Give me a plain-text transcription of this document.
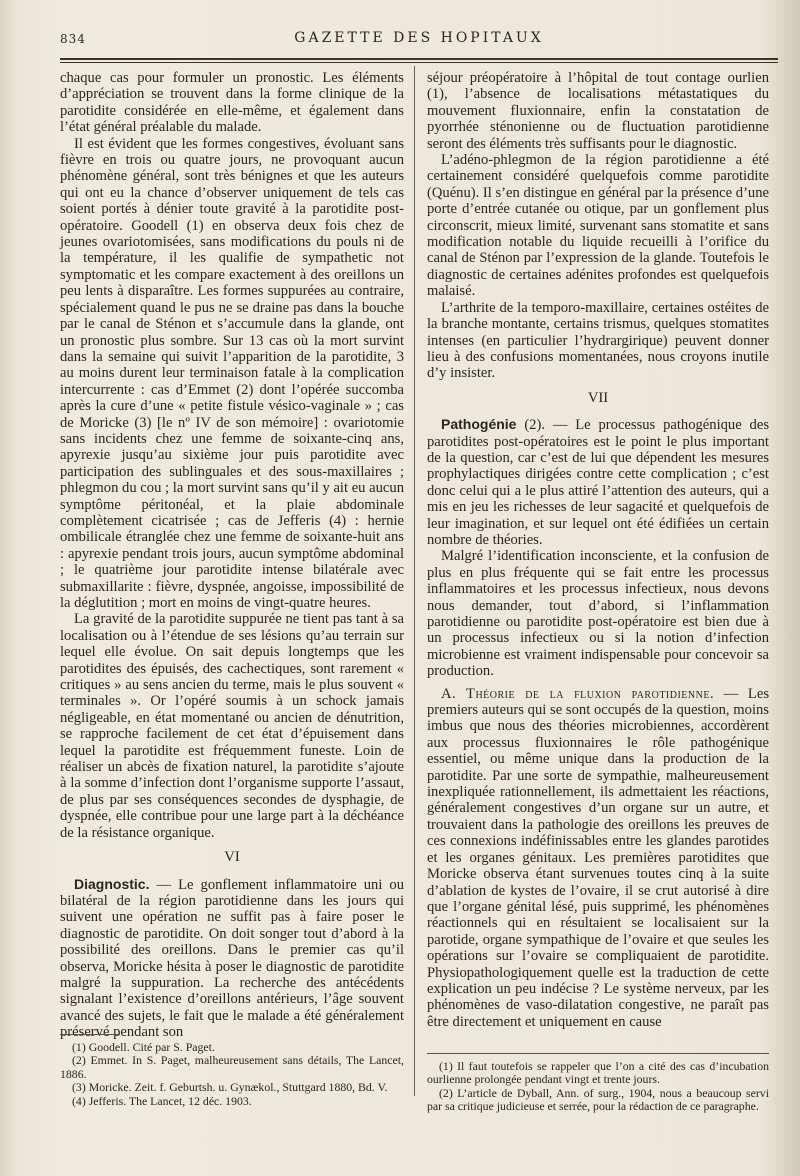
834	GAZETTE DES HOPITAUX

chaque cas pour formuler un pronostic. Les éléments d’appréciation se trouvent dans la forme clinique de la parotidite considérée en elle-même, et également dans l’état général préalable du malade.

Il est évident que les formes congestives, évoluant sans fièvre en trois ou quatre jours, ne provoquant aucun phénomène général, sont très bénignes et que les auteurs qui ont eu la chance d’observer uniquement de tels cas soient portés à dénier toute gravité à la parotidite post-opératoire. Goodell (1) en observa deux fois chez de jeunes ovariotomisées, sans modifications du pouls ni de la température, il les qualifie de sympathetic not symptomatic et les compare exactement à des oreillons un peu lents à disparaître. Les formes suppurées au contraire, spécialement quand le pus ne se draine pas dans la bouche par le canal de Sténon et s’accumule dans la glande, ont un pronostic plus sombre. Sur 13 cas où la mort survint dans la semaine qui suivit l’apparition de la parotidite, 3 au moins durent leur terminaison fatale à la complication intercurrente : cas d’Emmet (2) dont l’opérée succomba après la cure d’une « petite fistule vésico-vaginale » ; cas de Moricke (3) [le nº IV de son mémoire] : ovariotomie sans incidents chez une femme de soixante-cinq ans, apyrexie jusqu’au sixième jour puis parotidite avec participation des sublinguales et des sous-maxillaires ; phlegmon du cou ; la mort survint sans qu’il y ait eu aucun symptôme péritonéal, et la plaie abdominale complètement cicatrisée ; cas de Jefferis (4) : hernie ombilicale étranglée chez une femme de soixante-huit ans : apyrexie pendant trois jours, aucun symptôme abdominal ; le quatrième jour parotidite intense bilatérale avec submaxillarite : fièvre, dyspnée, angoisse, impossibilité de la déglutition ; mort en moins de vingt-quatre heures.

La gravité de la parotidite suppurée ne tient pas tant à sa localisation ou à l’étendue de ses lésions qu’au terrain sur lequel elle évolue. On sait depuis longtemps que les parotidites des épuisés, des cachectiques, sont rarement « critiques » au sens ancien du terme, mais le plus souvent « terminales ». Or l’opéré soumis à un schock jamais négligeable, en état momentané ou ancien de dénutrition, se rapproche facilement de cet état d’épuisement dans lequel la parotidite est fréquemment funeste. Loin de réaliser un abcès de fixation naturel, la parotidite s’ajoute à la somme d’infection dont l’organisme supporte l’assaut, de plus par ses conséquences secondes de dysphagie, de dyspnée, elle contribue pour une large part à la déchéance de la résistance organique.

VI

Diagnostic. — Le gonflement inflammatoire uni ou bilatéral de la région parotidienne dans les jours qui suivent une opération ne suffit pas à faire poser le diagnostic de parotidite. On doit songer tout d’abord à la possibilité des oreillons. Dans le premier cas qu’il observa, Moricke hésita à poser le diagnostic de parotidite malgré la suppuration. La recherche des antécédents signalant l’existence d’oreillons antérieurs, l’âge souvent avancé des sujets, le fait que le malade a été généralement préservé pendant son

(1) Goodell. Cité par S. Paget.
(2) Emmet. In S. Paget, malheureusement sans détails, The Lancet, 1886.
(3) Moricke. Zeit. f. Geburtsh. u. Gynækol., Stuttgard 1880, Bd. V.
(4) Jefferis. The Lancet, 12 déc. 1903.

séjour préopératoire à l’hôpital de tout contage ourlien (1), l’absence de localisations métastatiques du mouvement fluxionnaire, enfin la constatation de pyorrhée sténonienne ou de fluctuation parotidienne seront des éléments très suffisants pour le diagnostic.

L’adéno-phlegmon de la région parotidienne a été certainement considéré quelquefois comme parotidite (Quénu). Il s’en distingue en général par la présence d’une porte d’entrée cutanée ou otique, par un gonflement plus circonscrit, mieux limité, survenant sans stomatite et sans modification notable du liquide recueilli à l’orifice du canal de Sténon par l’expression de la glande. Toutefois le diagnostic de certaines adénites profondes est quelquefois malaisé.

L’arthrite de la temporo-maxillaire, certaines ostéites de la branche montante, certains trismus, quelques stomatites intenses (en particulier l’hydrargirique) peuvent donner lieu à des confusions momentanées, nous croyons inutile d’y insister.

VII

Pathogénie (2). — Le processus pathogénique des parotidites post-opératoires est le point le plus important de la question, car c’est de lui que dépendent les mesures prophylactiques dirigées contre cette complication ; c’est donc celui qui a le plus attiré l’attention des auteurs, qui a mis en jeu les richesses de leur sagacité et quelquefois de leur imagination, et sur lequel ont été édifiées un certain nombre de théories.

Malgré l’identification inconsciente, et la confusion de plus en plus fréquente qui se fait entre les processus inflammatoires et les processus infectieux, nous devons nous demander, tout d’abord, si l’inflammation parotidienne ou parotidite post-opératoire est bien due à un processus infectieux ou si la notion d’infection microbienne est vraiment indispensable pour concevoir sa production.

A. Théorie de la fluxion parotidienne. — Les premiers auteurs qui se sont occupés de la question, moins imbus que nous des théories microbiennes, accordèrent aux processus fluxionnaires le rôle pathogénique essentiel, ou même unique dans la production de la parotidite. Par une sorte de sympathie, malheureusement inexpliquée rationnellement, ils admettaient les réactions, généralement congestives d’un organe sur un autre, et trouvaient dans la pathologie des oreillons les preuves de ces connexions indéfinissables entre les glandes parotides et les organes génitaux. Les premières parotidites que Moricke observa étant survenues toutes cinq à la suite d’ablation de kystes de l’ovaire, il se crut autorisé à dire que l’organe génital lésé, puis supprimé, les phénomènes réactionnels qui en résultaient se localisaient sur la parotide, organe sympathique de l’ovaire et que seules les opérations sur l’ovaire se compliquaient de parotidite. Physiopathologiquement quelle est la traduction de cette explication un peu indécise ? Le système nerveux, par les phénomènes de vaso-dilatation congestive, ne paraît pas être directement et uniquement en cause

(1) Il faut toutefois se rappeler que l’on a cité des cas d’incubation ourlienne prolongée pendant vingt et trente jours.
(2) L’article de Dyball, Ann. of surg., 1904, nous a beaucoup servi par sa critique judicieuse et serrée, pour la rédaction de ce paragraphe.
